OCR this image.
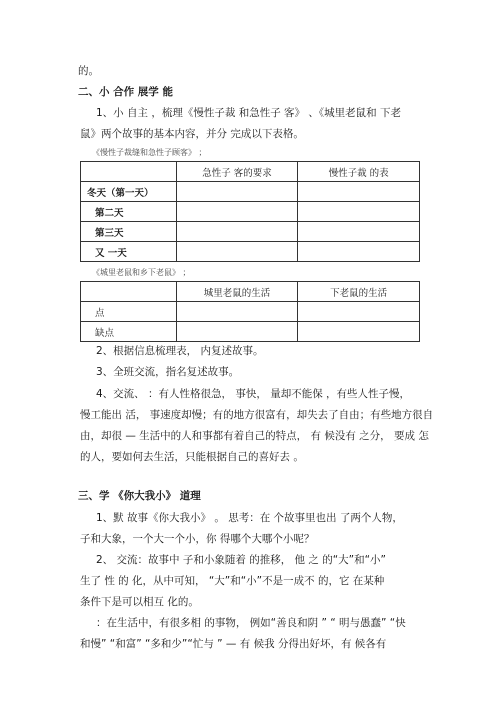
的。
二、小 合作 展学 能
1、小 自主 ，梳理《慢性子裁 和急性子 客》 、《城里老鼠和 下老
鼠》两个故事的基本内容，并分 完成以下表格。
《慢性子裁缝和急性子顾客》 ；
	急性子 客的要求	慢性子裁 的表
冬天（第一天）		
第二天		
第三天		
又 一天		
《城里老鼠和乡下老鼠》 ；
	城里老鼠的生活	下老鼠的生活
点		
缺点		
2、根据信息梳理表， 内复述故事。
3、全班交流，指名复述故事。
4、交流、 ：有人性格很急， 事快， 量却不能保 ，有些人性子慢，
慢工能出 活， 事速度却慢；有的地方很富有，却失去了自由；有些地方很自
由，却很 — 生活中的人和事都有着自己的特点， 有 候没有 之分， 要成 怎
的人，要如何去生活，只能根据自己的喜好去 。
三、学 《你大我小》 道理
1、默 故事《你大我小》 。 思考：在 个故事里也出 了两个人物，
子和大象，一个大一个小，你 得哪个大哪个小呢？
2、 交流：故事中 子和小象随着 的推移， 他 之 的“大”和“小”
生了 性 的 化，从中可知， “大”和“小”不是一成不 的，它 在某种
条件下是可以相互 化的。
：在生活中，有很多相 的事物， 例如“善良和阴 ” “ 明与愚蠢” “快
和慢” “和富” “多和少”“忙与 ” — 有 候我 分得出好坏，有 候各有
